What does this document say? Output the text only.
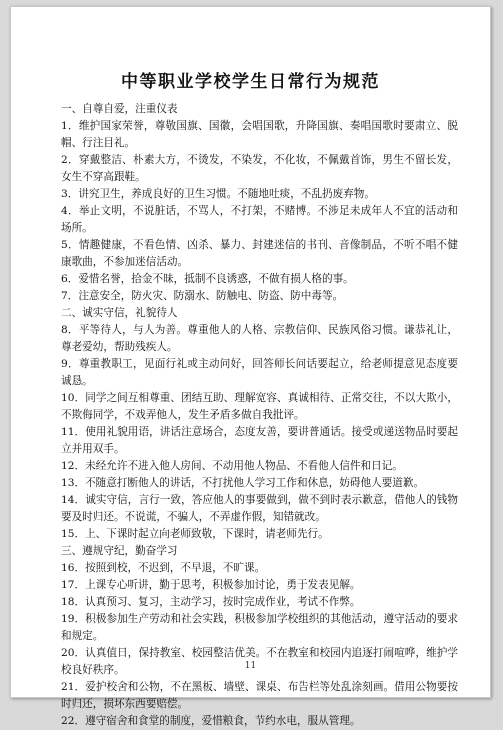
中等职业学校学生日常行为规范

一、自尊自爱，注重仪表

1．维护国家荣誉，尊敬国旗、国徽，会唱国歌，升降国旗、奏唱国歌时要肃立、脱帽、行注目礼。

2．穿戴整洁、朴素大方，不烫发，不染发，不化妆，不佩戴首饰，男生不留长发，女生不穿高跟鞋。

3．讲究卫生，养成良好的卫生习惯。不随地吐痰，不乱扔废弃物。

4．举止文明，不说脏话，不骂人，不打架，不赌博。不涉足未成年人不宜的活动和场所。

5．情趣健康，不看色情、凶杀、暴力、封建迷信的书刊、音像制品，不听不唱不健康歌曲，不参加迷信活动。

6．爱惜名誉，拾金不昧，抵制不良诱惑，不做有损人格的事。

7．注意安全，防火灾、防溺水、防触电、防盗、防中毒等。

二、诚实守信，礼貌待人

8．平等待人，与人为善。尊重他人的人格、宗教信仰、民族风俗习惯。谦恭礼让，尊老爱幼，帮助残疾人。

9．尊重教职工，见面行礼或主动问好，回答师长问话要起立，给老师提意见态度要诚恳。

10．同学之间互相尊重、团结互助、理解宽容、真诚相待、正常交往，不以大欺小，不欺侮同学，不戏弄他人，发生矛盾多做自我批评。

11．使用礼貌用语，讲话注意场合，态度友善，要讲普通话。接受或递送物品时要起立并用双手。

12．未经允许不进入他人房间、不动用他人物品、不看他人信件和日记。

13．不随意打断他人的讲话，不打扰他人学习工作和休息，妨碍他人要道歉。

14．诚实守信，言行一致，答应他人的事要做到，做不到时表示歉意，借他人的钱物要及时归还。不说谎，不骗人，不弄虚作假，知错就改。

15．上、下课时起立向老师致敬，下课时，请老师先行。

三、遵规守纪，勤奋学习

16．按照到校，不迟到，不早退，不旷课。

17．上课专心听讲，勤于思考，积极参加讨论，勇于发表见解。

18．认真预习、复习，主动学习，按时完成作业，考试不作弊。

19．积极参加生产劳动和社会实践，积极参加学校组织的其他活动，遵守活动的要求和规定。

20．认真值日，保持教室、校园整洁优美。不在教室和校园内追逐打闹喧哗，维护学校良好秩序。

21．爱护校舍和公物，不在黑板、墙壁、课桌、布告栏等处乱涂刻画。借用公物要按时归还，损坏东西要赔偿。

22．遵守宿舍和食堂的制度，爱惜粮食，节约水电，服从管理。

11
